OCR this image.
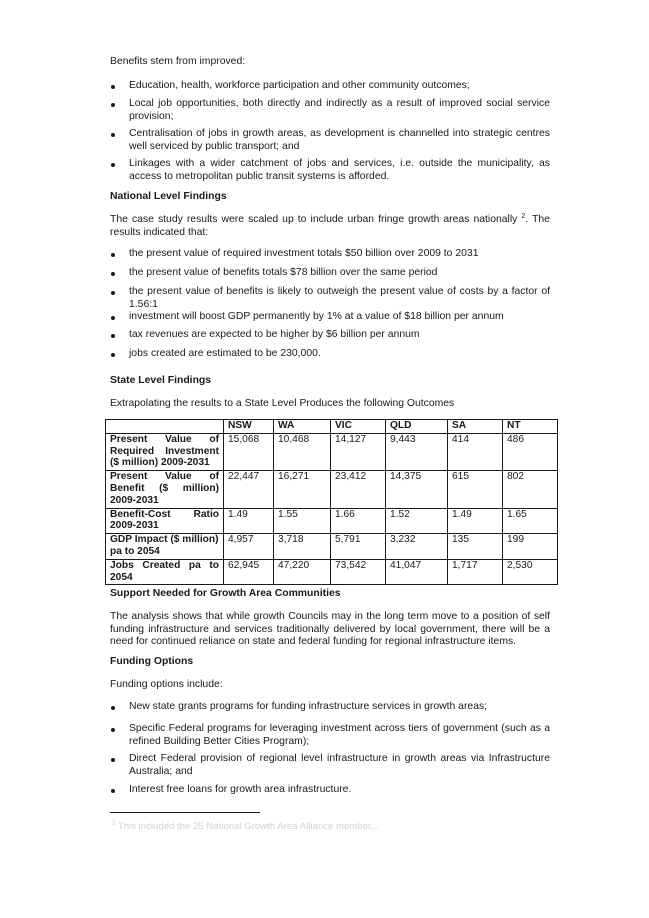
Benefits stem from improved:
Education, health, workforce participation and other community outcomes;
Local job opportunities, both directly and indirectly as a result of improved social service provision;
Centralisation of jobs in growth areas, as development is channelled into strategic centres well serviced by public transport; and
Linkages with a wider catchment of jobs and services, i.e. outside the municipality, as access to metropolitan public transit systems is afforded.
National Level Findings
The case study results were scaled up to include urban fringe growth areas nationally $^2$. The results indicated that:
the present value of required investment totals $50 billion over 2009 to 2031
the present value of benefits totals $78 billion over the same period
the present value of benefits is likely to outweigh the present value of costs by a factor of 1.56:1
investment will boost GDP permanently by 1% at a value of $18 billion per annum
tax revenues are expected to be higher by $6 billion per annum
jobs created are estimated to be 230,000.
State Level Findings
Extrapolating the results to a State Level Produces the following Outcomes
	NSW	WA	VIC	QLD	SA	NT
Present Value of Required Investment ($ million) 2009-2031	15,068	10,468	14,127	9,443	414	486
Present Value of Benefit ($ million) 2009-2031	22,447	16,271	23,412	14,375	615	802
Benefit-Cost Ratio 2009-2031	1.49	1.55	1.66	1.52	1.49	1.65
GDP Impact ($ million) pa to 2054	4,957	3,718	5,791	3,232	135	199
Jobs Created pa to 2054	62,945	47,220	73,542	41,047	1,717	2,530
Support Needed for Growth Area Communities
The analysis shows that while growth Councils may in the long term move to a position of self funding infrastructure and services traditionally delivered by local government, there will be a need for continued reliance on state and federal funding for regional infrastructure items.
Funding Options
Funding options include:
New state grants programs for funding infrastructure services in growth areas;
Specific Federal programs for leveraging investment across tiers of government (such as a refined Building Better Cities Program);
Direct Federal provision of regional level infrastructure in growth areas via Infrastructure Australia; and
Interest free loans for growth area infrastructure.
$^2$ This included the 25 National Growth Area Alliance member...
